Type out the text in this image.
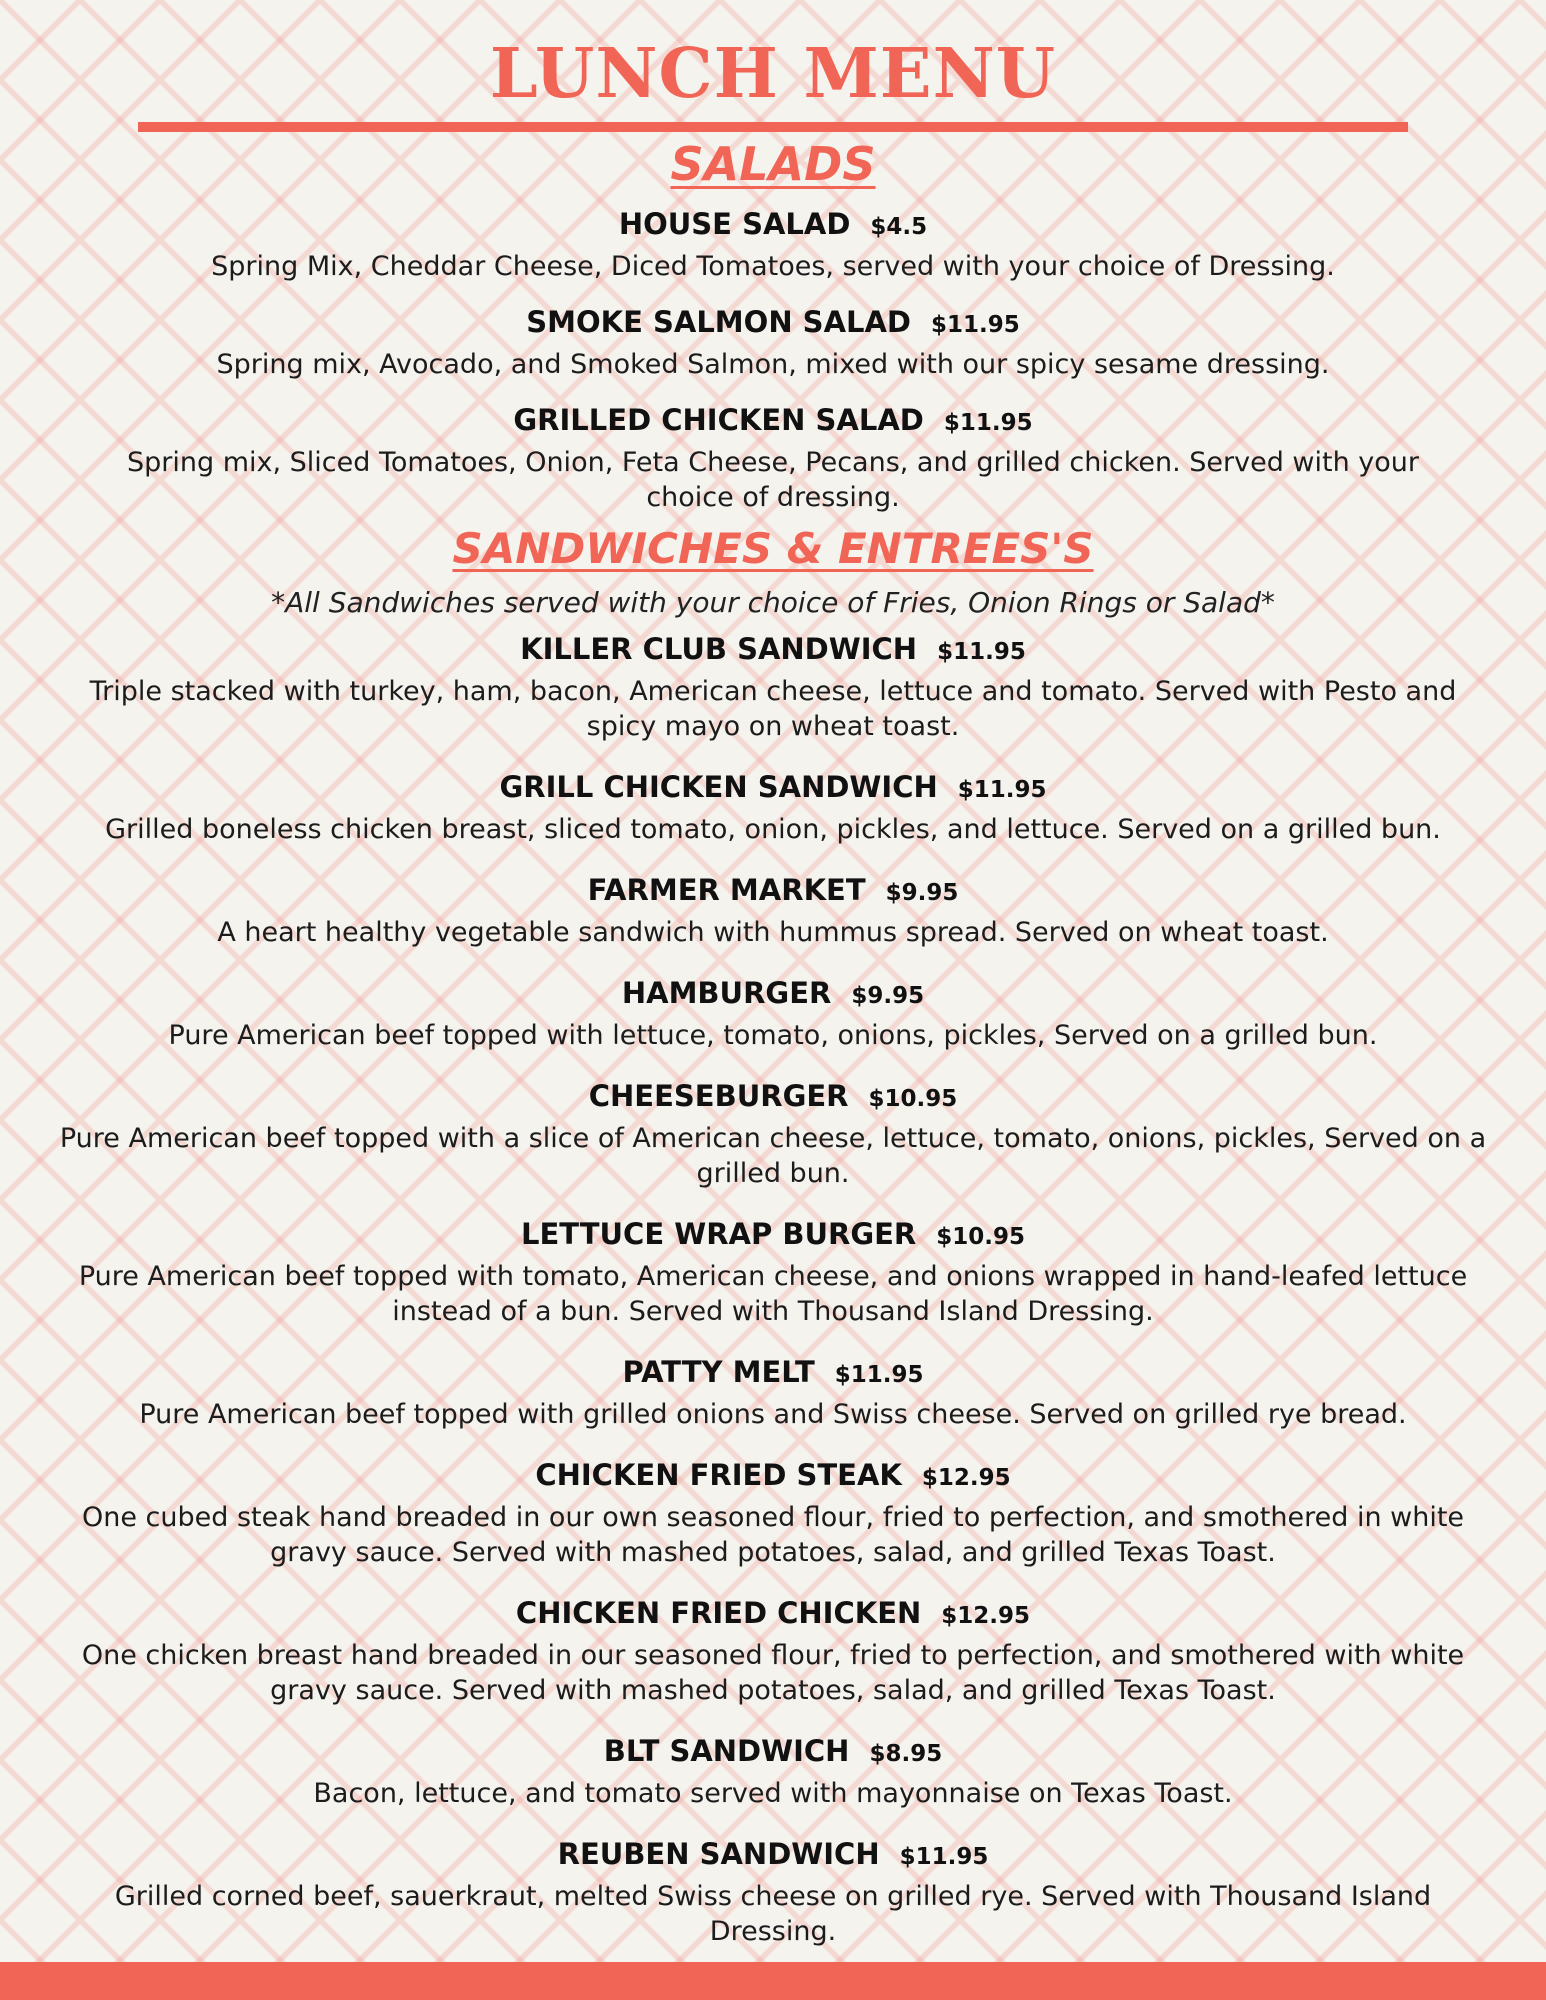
LUNCH MENU
SALADS

HOUSE SALAD $4.5

Spring Mix, Cheddar Cheese, Diced Tomatoes, served with your choice of Dressing.

SMOKE SALMON SALAD $11.95

Spring mix, Avocado, and Smoked Salmon, mixed with our spicy sesame dressing.

GRILLED CHICKEN SALAD $11.95

Spring mix, Sliced Tomatoes, Onion, Feta Cheese, Pecans, and grilled chicken. Served with your choice of dressing.

SANDWICHES & ENTREES'S

*All Sandwiches served with your choice of Fries, Onion Rings or Salad*

KILLER CLUB SANDWICH $11.95

Triple stacked with turkey, ham, bacon, American cheese, lettuce and tomato. Served with Pesto and spicy mayo on wheat toast.

GRILL CHICKEN SANDWICH $11.95

Grilled boneless chicken breast, sliced tomato, onion, pickles, and lettuce. Served on a grilled bun.

FARMER MARKET $9.95

A heart healthy vegetable sandwich with hummus spread. Served on wheat toast.

HAMBURGER $9.95

Pure American beef topped with lettuce, tomato, onions, pickles, Served on a grilled bun.

CHEESEBURGER $10.95

Pure American beef topped with a slice of American cheese, lettuce, tomato, onions, pickles, Served on a grilled bun.

LETTUCE WRAP BURGER $10.95

Pure American beef topped with tomato, American cheese, and onions wrapped in hand-leafed lettuce instead of a bun. Served with Thousand Island Dressing.

PATTY MELT $11.95

Pure American beef topped with grilled onions and Swiss cheese. Served on grilled rye bread.

CHICKEN FRIED STEAK $12.95

One cubed steak hand breaded in our own seasoned flour, fried to perfection, and smothered in white gravy sauce. Served with mashed potatoes, salad, and grilled Texas Toast.

CHICKEN FRIED CHICKEN $12.95

One chicken breast hand breaded in our seasoned flour, fried to perfection, and smothered with white gravy sauce. Served with mashed potatoes, salad, and grilled Texas Toast.

BLT SANDWICH $8.95

Bacon, lettuce, and tomato served with mayonnaise on Texas Toast.

REUBEN SANDWICH $11.95

Grilled corned beef, sauerkraut, melted Swiss cheese on grilled rye. Served with Thousand Island Dressing.
